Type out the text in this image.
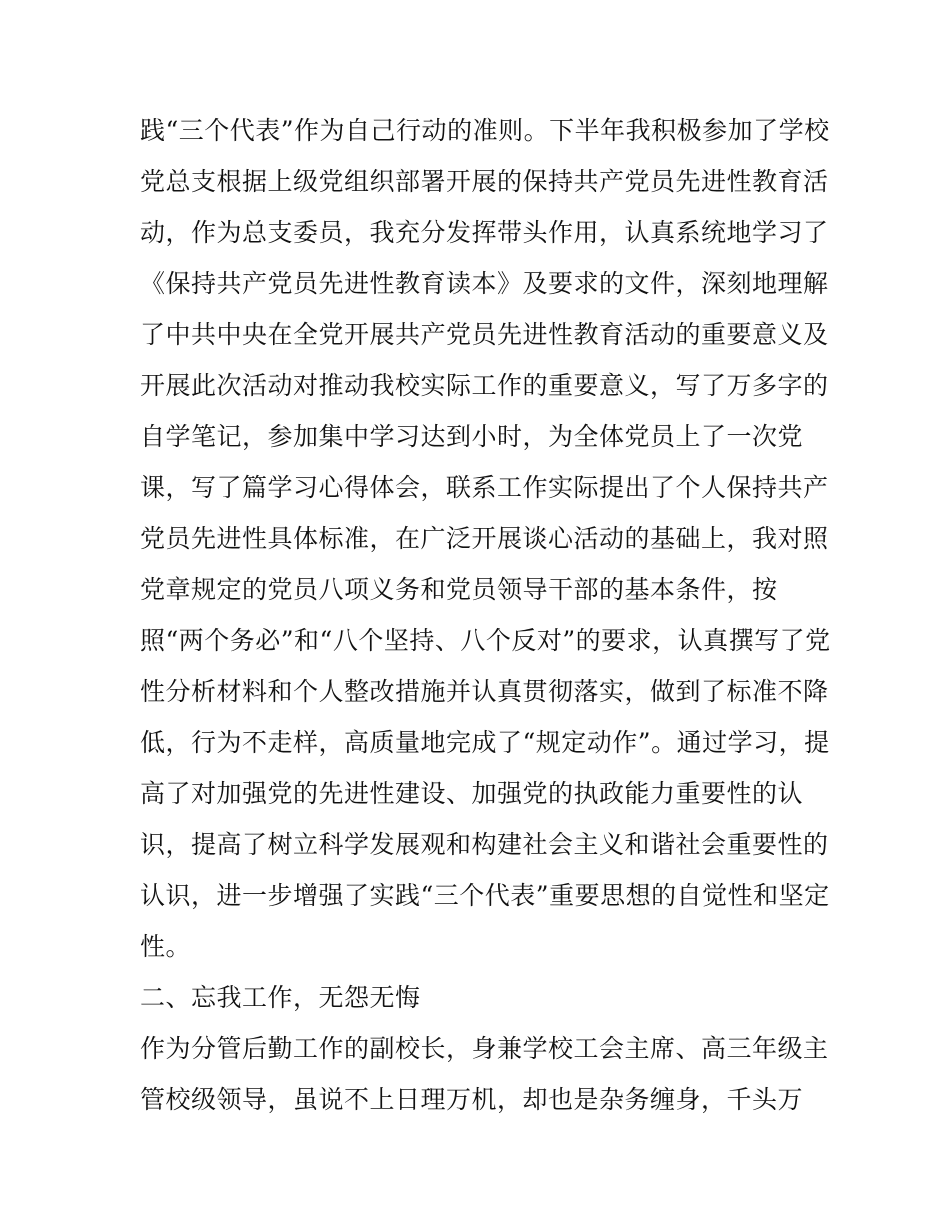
践“三个代表”作为自己行动的准则。下半年我积极参加了学校
党总支根据上级党组织部署开展的保持共产党员先进性教育活
动，作为总支委员，我充分发挥带头作用，认真系统地学习了
《保持共产党员先进性教育读本》及要求的文件，深刻地理解
了中共中央在全党开展共产党员先进性教育活动的重要意义及
开展此次活动对推动我校实际工作的重要意义，写了万多字的
自学笔记，参加集中学习达到小时，为全体党员上了一次党
课，写了篇学习心得体会，联系工作实际提出了个人保持共产
党员先进性具体标准，在广泛开展谈心活动的基础上，我对照
党章规定的党员八项义务和党员领导干部的基本条件，按
照“两个务必”和“八个坚持、八个反对”的要求，认真撰写了党
性分析材料和个人整改措施并认真贯彻落实，做到了标准不降
低，行为不走样，高质量地完成了“规定动作”。通过学习，提
高了对加强党的先进性建设、加强党的执政能力重要性的认
识，提高了树立科学发展观和构建社会主义和谐社会重要性的
认识，进一步增强了实践“三个代表”重要思想的自觉性和坚定
性。
二、忘我工作，无怨无悔
作为分管后勤工作的副校长，身兼学校工会主席、高三年级主
管校级领导，虽说不上日理万机，却也是杂务缠身，千头万
